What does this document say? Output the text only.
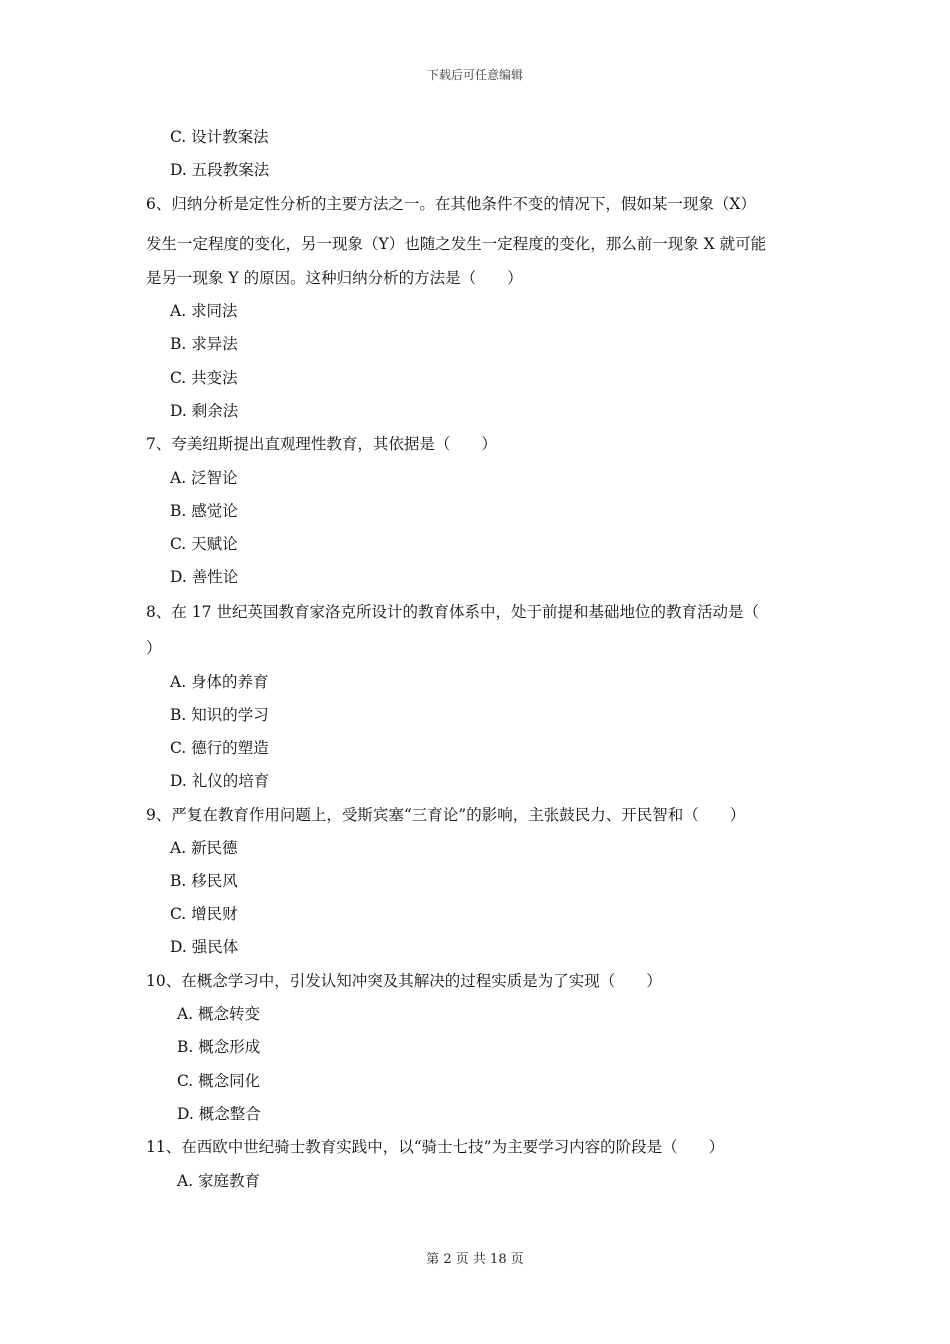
下载后可任意编辑
C. 设计教案法
D. 五段教案法
6、归纳分析是定性分析的主要方法之一。在其他条件不变的情况下，假如某一现象（X）
发生一定程度的变化，另一现象（Y）也随之发生一定程度的变化，那么前一现象 X 就可能
是另一现象 Y 的原因。这种归纳分析的方法是（　　）
A. 求同法
B. 求异法
C. 共变法
D. 剩余法
7、夸美纽斯提出直观理性教育，其依据是（　　）
A. 泛智论
B. 感觉论
C. 天赋论
D. 善性论
8、在 17 世纪英国教育家洛克所设计的教育体系中，处于前提和基础地位的教育活动是（
）
A. 身体的养育
B. 知识的学习
C. 德行的塑造
D. 礼仪的培育
9、严复在教育作用问题上，受斯宾塞“三育论”的影响，主张鼓民力、开民智和（　　）
A. 新民德
B. 移民风
C. 增民财
D. 强民体
10、在概念学习中，引发认知冲突及其解决的过程实质是为了实现（　　）
A. 概念转变
B. 概念形成
C. 概念同化
D. 概念整合
11、在西欧中世纪骑士教育实践中，以“骑士七技”为主要学习内容的阶段是（　　）
A. 家庭教育
第 2 页 共 18 页
